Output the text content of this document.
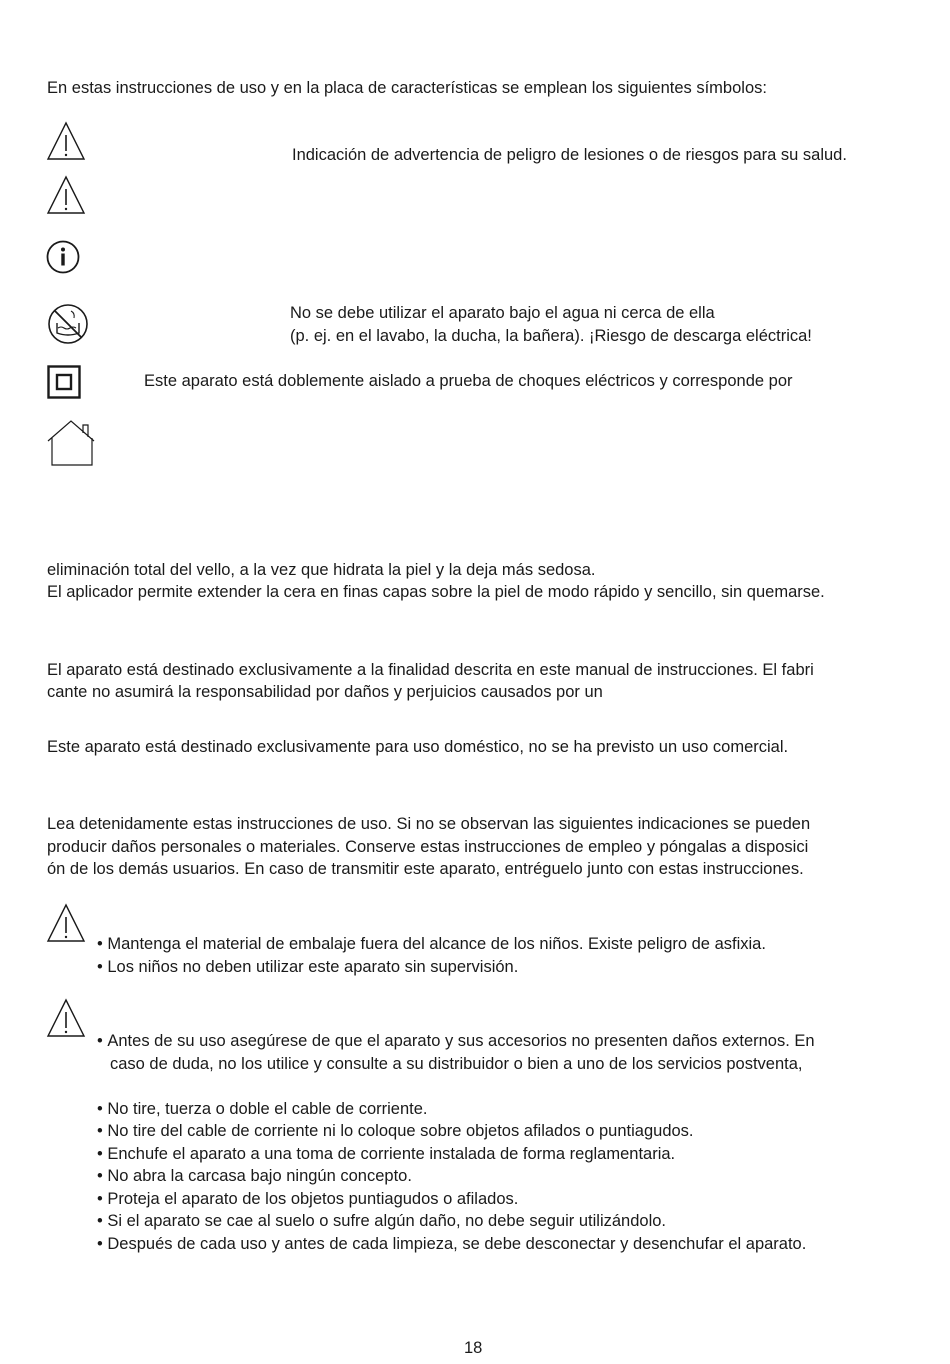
En estas instrucciones de uso y en la placa de características se emplean los siguientes símbolos:
Indicación de advertencia de peligro de lesiones o de riesgos para su salud.
No se debe utilizar el aparato bajo el agua ni cerca de ella
(p. ej. en el lavabo, la ducha, la bañera). ¡Riesgo de descarga eléctrica!
Este aparato está doblemente aislado a prueba de choques eléctricos y corresponde por
eliminación total del vello, a la vez que hidrata la piel y la deja más sedosa.
El aplicador permite extender la cera en finas capas sobre la piel de modo rápido y sencillo, sin quemarse.
El aparato está destinado exclusivamente a la finalidad descrita en este manual de instrucciones. El fabri
cante no asumirá la responsabilidad por daños y perjuicios causados por un
Este aparato está destinado exclusivamente para uso doméstico, no se ha previsto un uso comercial.
Lea detenidamente estas instrucciones de uso. Si no se observan las siguientes indicaciones se pueden
producir daños personales o materiales. Conserve estas instrucciones de empleo y póngalas a disposici
ón de los demás usuarios. En caso de transmitir este aparato, entréguelo junto con estas instrucciones.
• Mantenga el material de embalaje fuera del alcance de los niños. Existe peligro de asfixia.
• Los niños no deben utilizar este aparato sin supervisión.
• Antes de su uso asegúrese de que el aparato y sus accesorios no presenten daños externos. En
caso de duda, no los utilice y consulte a su distribuidor o bien a uno de los servicios postventa,
• No tire, tuerza o doble el cable de corriente.
• No tire del cable de corriente ni lo coloque sobre objetos afilados o puntiagudos.
• Enchufe el aparato a una toma de corriente instalada de forma reglamentaria.
• No abra la carcasa bajo ningún concepto.
• Proteja el aparato de los objetos puntiagudos o afilados.
• Si el aparato se cae al suelo o sufre algún daño, no debe seguir utilizándolo.
• Después de cada uso y antes de cada limpieza, se debe desconectar y desenchufar el aparato.
18
